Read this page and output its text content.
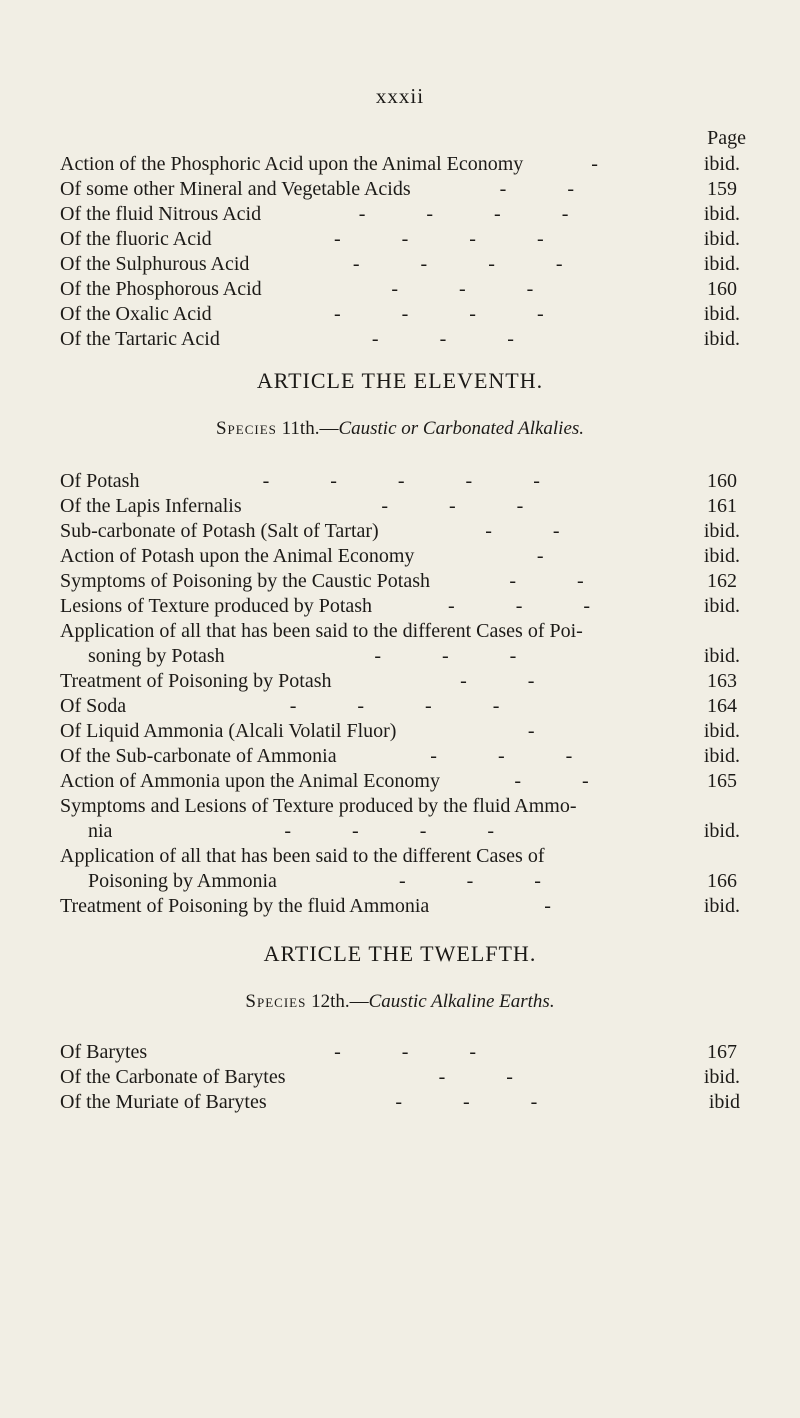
xxxii
Page
Action of the Phosphoric Acid upon the Animal Economy	-	ibid.
Of some other Mineral and Vegetable Acids	- -	159
Of the fluid Nitrous Acid	- - - -	ibid.
Of the fluoric Acid	- - - -	ibid.
Of the Sulphurous Acid	- - - -	ibid.
Of the Phosphorous Acid	- - -	160
Of the Oxalic Acid	- - - -	ibid.
Of the Tartaric Acid	- - -	ibid.
ARTICLE THE ELEVENTH.
Species 11th.—Caustic or Carbonated Alkalies.
Of Potash	- - - - -	160
Of the Lapis Infernalis	- - -	161
Sub-carbonate of Potash (Salt of Tartar)	- -	ibid.
Action of Potash upon the Animal Economy	-	ibid.
Symptoms of Poisoning by the Caustic Potash	- -	162
Lesions of Texture produced by Potash	- - -	ibid.
Application of all that has been said to the different Cases of Poi-
soning by Potash	- - -	ibid.
Treatment of Poisoning by Potash	- -	163
Of Soda	- - - -	164
Of Liquid Ammonia (Alcali Volatil Fluor)	-	ibid.
Of the Sub-carbonate of Ammonia	- - -	ibid.
Action of Ammonia upon the Animal Economy	- -	165
Symptoms and Lesions of Texture produced by the fluid Ammo-
nia	- - - -	ibid.
Application of all that has been said to the different Cases of
Poisoning by Ammonia	- - -	166
Treatment of Poisoning by the fluid Ammonia	-	ibid.
ARTICLE THE TWELFTH.
Species 12th.—Caustic Alkaline Earths.
Of Barytes	- - -	167
Of the Carbonate of Barytes	- -	ibid.
Of the Muriate of Barytes	- - -	ibid
